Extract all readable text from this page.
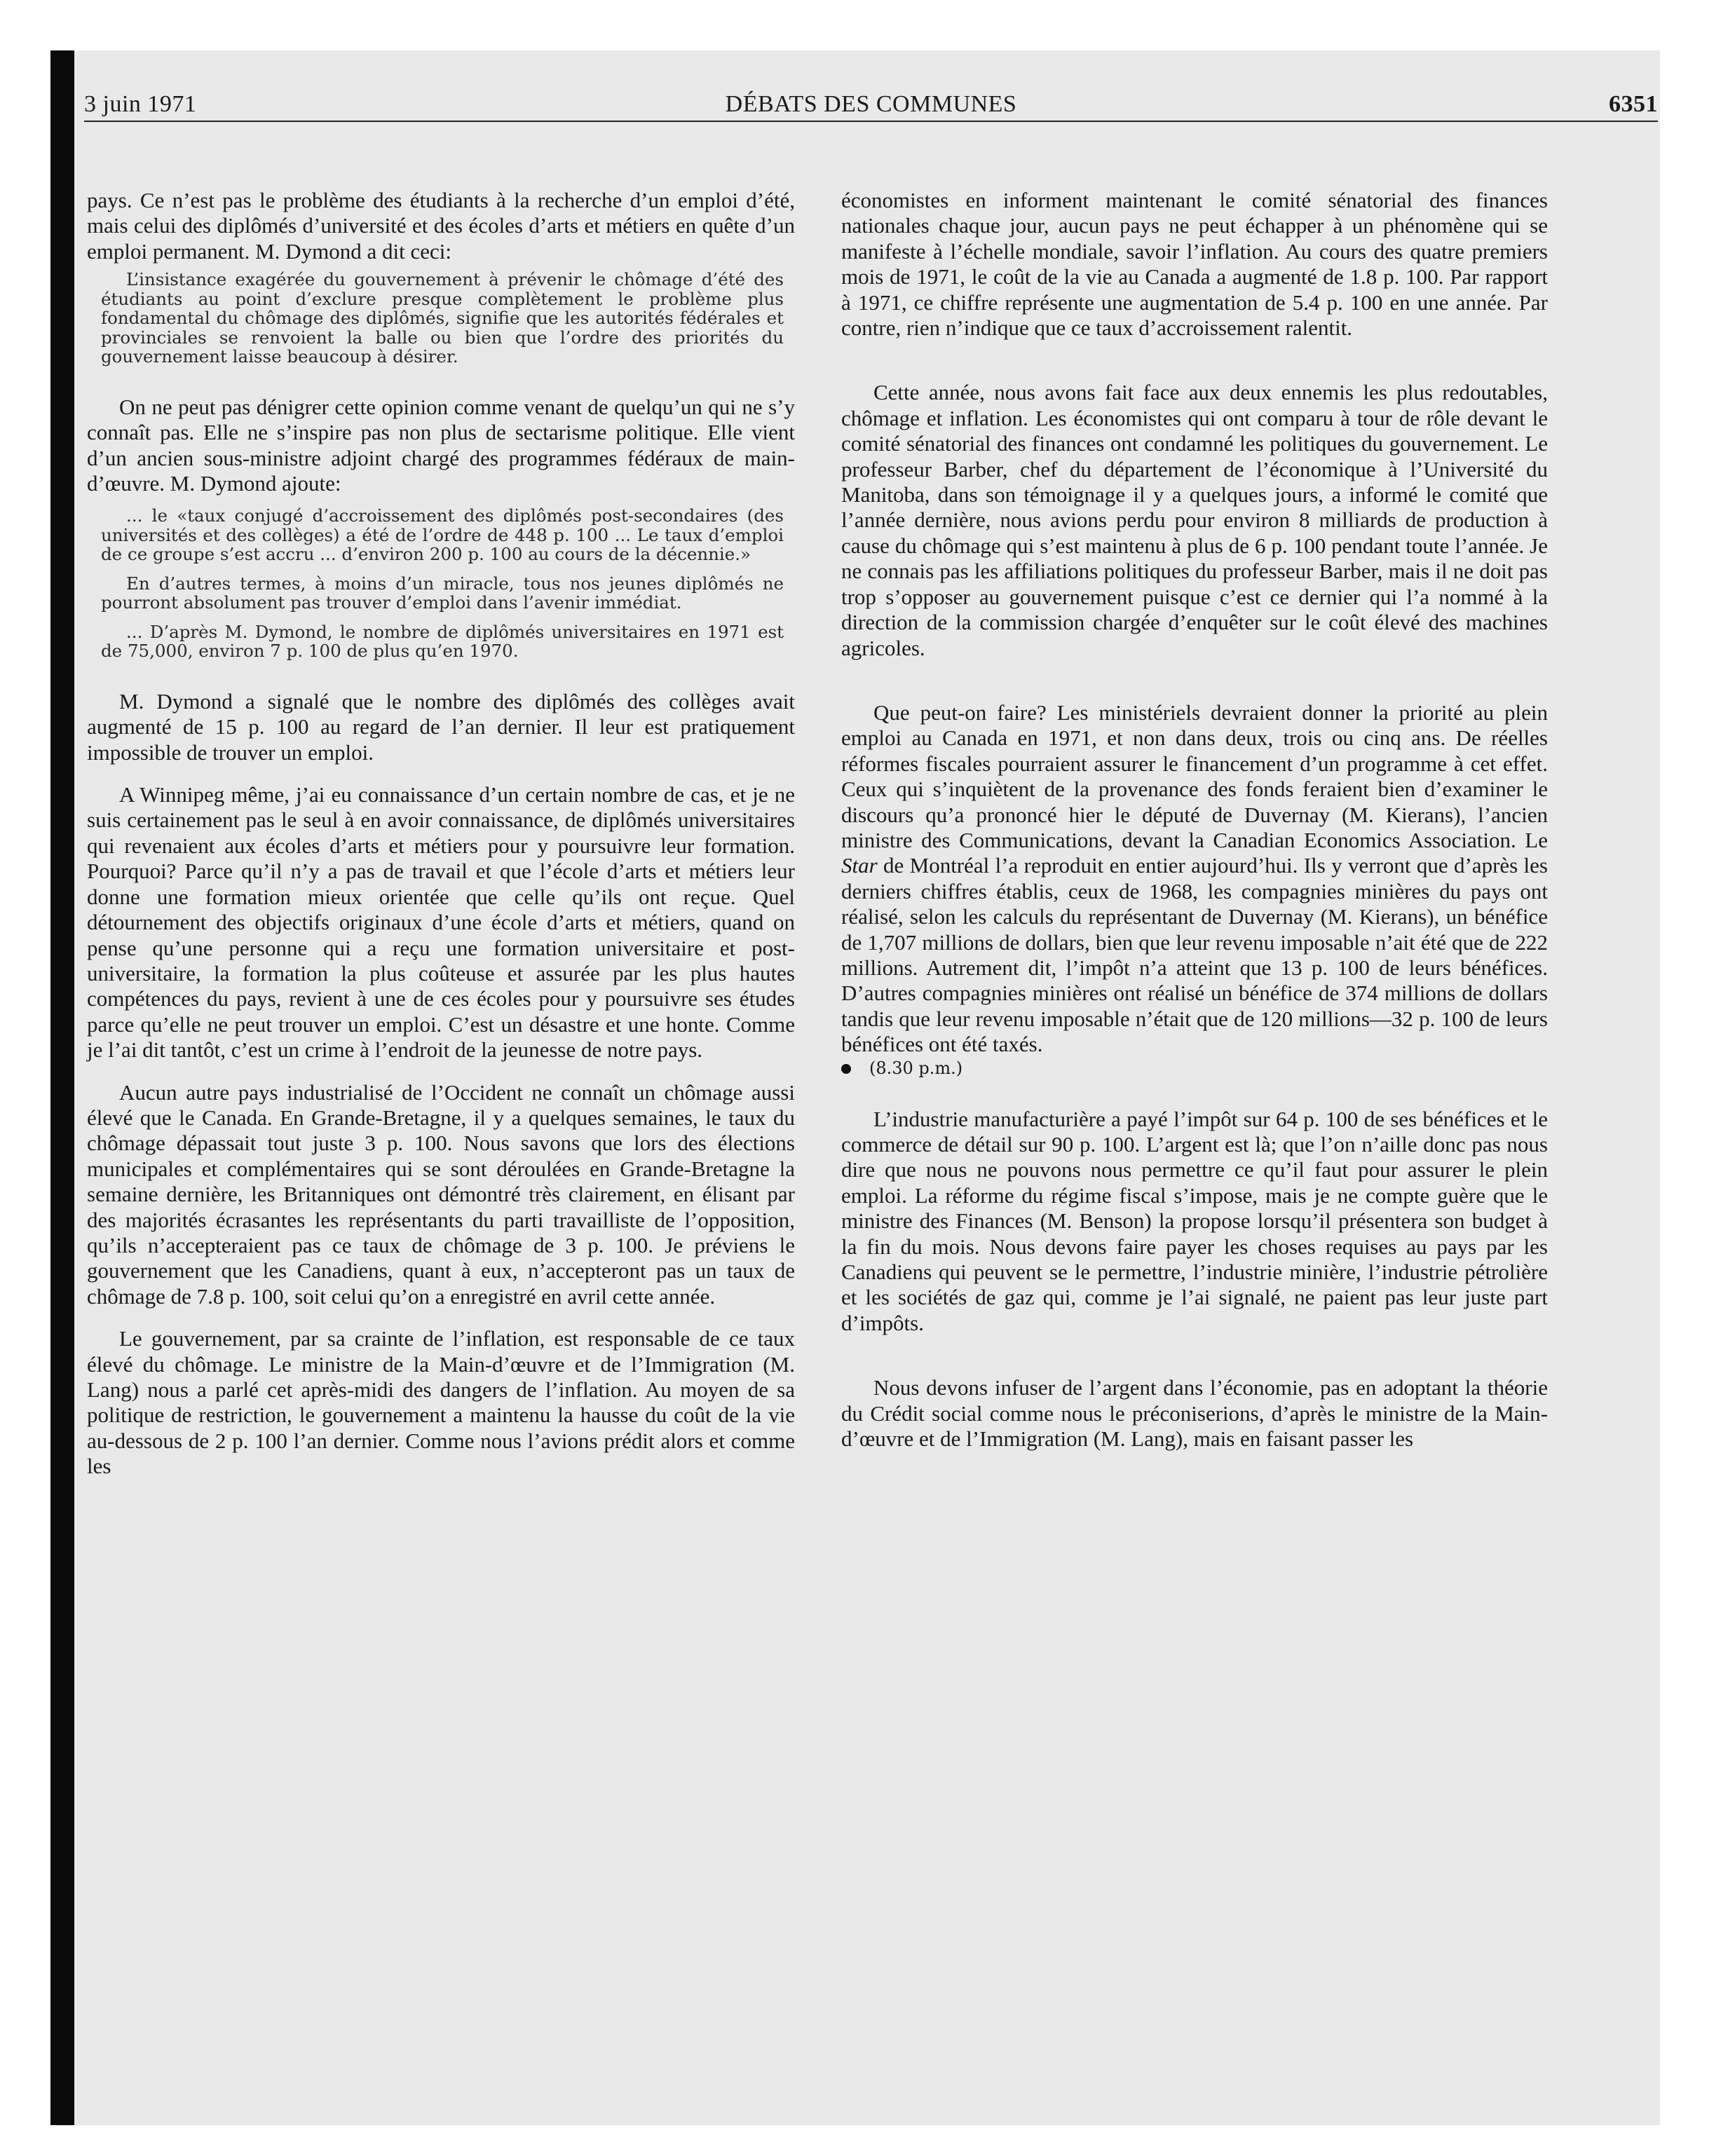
3 juin 1971	DÉBATS DES COMMUNES	6351

pays. Ce n’est pas le problème des étudiants à la recherche d’un emploi d’été, mais celui des diplômés d’université et des écoles d’arts et métiers en quête d’un emploi permanent. M. Dymond a dit ceci:

L’insistance exagérée du gouvernement à prévenir le chômage d’été des étudiants au point d’exclure presque complètement le problème plus fondamental du chômage des diplômés, signifie que les autorités fédérales et provinciales se renvoient la balle ou bien que l’ordre des priorités du gouvernement laisse beaucoup à désirer.

On ne peut pas dénigrer cette opinion comme venant de quelqu’un qui ne s’y connaît pas. Elle ne s’inspire pas non plus de sectarisme politique. Elle vient d’un ancien sous-ministre adjoint chargé des programmes fédéraux de main-d’œuvre. M. Dymond ajoute:

... le «taux conjugé d’accroissement des diplômés post-secondaires (des universités et des collèges) a été de l’ordre de 448 p. 100 ... Le taux d’emploi de ce groupe s’est accru ... d’environ 200 p. 100 au cours de la décennie.»

En d’autres termes, à moins d’un miracle, tous nos jeunes diplômés ne pourront absolument pas trouver d’emploi dans l’avenir immédiat.

... D’après M. Dymond, le nombre de diplômés universitaires en 1971 est de 75,000, environ 7 p. 100 de plus qu’en 1970.

M. Dymond a signalé que le nombre des diplômés des collèges avait augmenté de 15 p. 100 au regard de l’an dernier. Il leur est pratiquement impossible de trouver un emploi.

A Winnipeg même, j’ai eu connaissance d’un certain nombre de cas, et je ne suis certainement pas le seul à en avoir connaissance, de diplômés universitaires qui revenaient aux écoles d’arts et métiers pour y poursuivre leur formation. Pourquoi? Parce qu’il n’y a pas de travail et que l’école d’arts et métiers leur donne une formation mieux orientée que celle qu’ils ont reçue. Quel détournement des objectifs originaux d’une école d’arts et métiers, quand on pense qu’une personne qui a reçu une formation universitaire et post-universitaire, la formation la plus coûteuse et assurée par les plus hautes compétences du pays, revient à une de ces écoles pour y poursuivre ses études parce qu’elle ne peut trouver un emploi. C’est un désastre et une honte. Comme je l’ai dit tantôt, c’est un crime à l’endroit de la jeunesse de notre pays.

Aucun autre pays industrialisé de l’Occident ne connaît un chômage aussi élevé que le Canada. En Grande-Bretagne, il y a quelques semaines, le taux du chômage dépassait tout juste 3 p. 100. Nous savons que lors des élections municipales et complémentaires qui se sont déroulées en Grande-Bretagne la semaine dernière, les Britanniques ont démontré très clairement, en élisant par des majorités écrasantes les représentants du parti travailliste de l’opposition, qu’ils n’accepteraient pas ce taux de chômage de 3 p. 100. Je préviens le gouvernement que les Canadiens, quant à eux, n’accepteront pas un taux de chômage de 7.8 p. 100, soit celui qu’on a enregistré en avril cette année.

Le gouvernement, par sa crainte de l’inflation, est responsable de ce taux élevé du chômage. Le ministre de la Main-d’œuvre et de l’Immigration (M. Lang) nous a parlé cet après-midi des dangers de l’inflation. Au moyen de sa politique de restriction, le gouvernement a maintenu la hausse du coût de la vie au-dessous de 2 p. 100 l’an dernier. Comme nous l’avions prédit alors et comme les

économistes en informent maintenant le comité sénatorial des finances nationales chaque jour, aucun pays ne peut échapper à un phénomène qui se manifeste à l’échelle mondiale, savoir l’inflation. Au cours des quatre premiers mois de 1971, le coût de la vie au Canada a augmenté de 1.8 p. 100. Par rapport à 1971, ce chiffre représente une augmentation de 5.4 p. 100 en une année. Par contre, rien n’indique que ce taux d’accroissement ralentit.

Cette année, nous avons fait face aux deux ennemis les plus redoutables, chômage et inflation. Les économistes qui ont comparu à tour de rôle devant le comité sénatorial des finances ont condamné les politiques du gouvernement. Le professeur Barber, chef du département de l’économique à l’Université du Manitoba, dans son témoignage il y a quelques jours, a informé le comité que l’année dernière, nous avions perdu pour environ 8 milliards de production à cause du chômage qui s’est maintenu à plus de 6 p. 100 pendant toute l’année. Je ne connais pas les affiliations politiques du professeur Barber, mais il ne doit pas trop s’opposer au gouvernement puisque c’est ce dernier qui l’a nommé à la direction de la commission chargée d’enquêter sur le coût élevé des machines agricoles.

Que peut-on faire? Les ministériels devraient donner la priorité au plein emploi au Canada en 1971, et non dans deux, trois ou cinq ans. De réelles réformes fiscales pourraient assurer le financement d’un programme à cet effet. Ceux qui s’inquiètent de la provenance des fonds feraient bien d’examiner le discours qu’a prononcé hier le député de Duvernay (M. Kierans), l’ancien ministre des Communications, devant la Canadian Economics Association. Le Star de Montréal l’a reproduit en entier aujourd’hui. Ils y verront que d’après les derniers chiffres établis, ceux de 1968, les compagnies minières du pays ont réalisé, selon les calculs du représentant de Duvernay (M. Kierans), un bénéfice de 1,707 millions de dollars, bien que leur revenu imposable n’ait été que de 222 millions. Autrement dit, l’impôt n’a atteint que 13 p. 100 de leurs bénéfices. D’autres compagnies minières ont réalisé un bénéfice de 374 millions de dollars tandis que leur revenu imposable n’était que de 120 millions—32 p. 100 de leurs bénéfices ont été taxés.

(8.30 p.m.)

L’industrie manufacturière a payé l’impôt sur 64 p. 100 de ses bénéfices et le commerce de détail sur 90 p. 100. L’argent est là; que l’on n’aille donc pas nous dire que nous ne pouvons nous permettre ce qu’il faut pour assurer le plein emploi. La réforme du régime fiscal s’impose, mais je ne compte guère que le ministre des Finances (M. Benson) la propose lorsqu’il présentera son budget à la fin du mois. Nous devons faire payer les choses requises au pays par les Canadiens qui peuvent se le permettre, l’industrie minière, l’industrie pétrolière et les sociétés de gaz qui, comme je l’ai signalé, ne paient pas leur juste part d’impôts.

Nous devons infuser de l’argent dans l’économie, pas en adoptant la théorie du Crédit social comme nous le préconiserions, d’après le ministre de la Main-d’œuvre et de l’Immigration (M. Lang), mais en faisant passer les
